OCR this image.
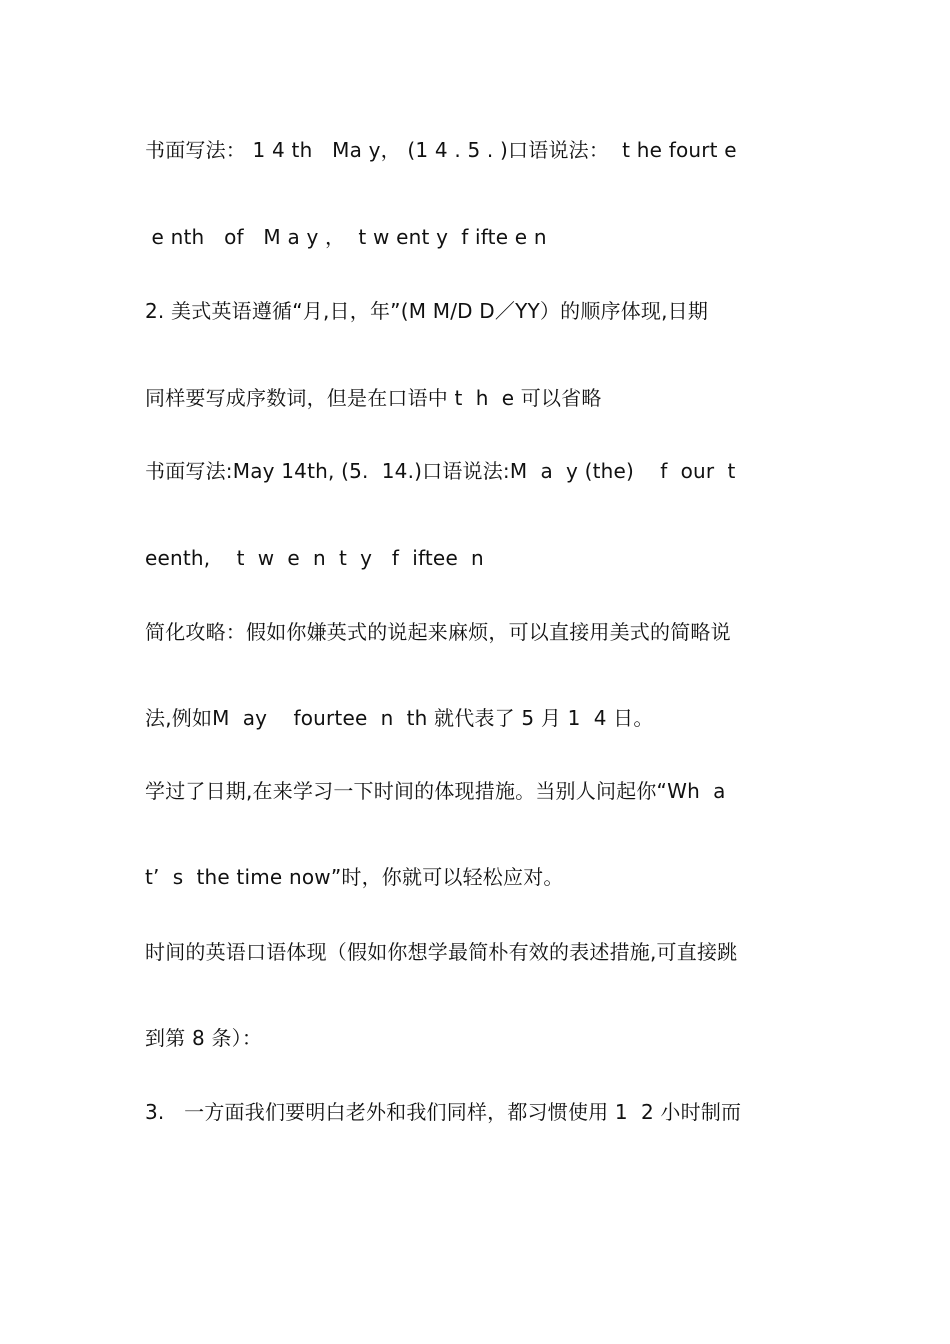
书面写法： 1 4 th   Ma y， (1 4 . 5 . )口语说法：  t he fourt e
e nth   of   M a y ，  t w ent y  f ifte e n
2. 美式英语遵循“月,日，年”(M M/D D／YY）的顺序体现,日期
同样要写成序数词，但是在口语中 t  h  e 可以省略
书面写法:May 14th, (5.  14.)口语说法:M  a  y (the)    f  our  t
eenth,    t  w  e  n  t  y   f  iftee  n
简化攻略：假如你嫌英式的说起来麻烦，可以直接用美式的简略说
法,例如M  ay    fourtee  n  th 就代表了 5 月 1  4 日。
学过了日期,在来学习一下时间的体现措施。当别人问起你“Wh  a
t’  s  the time now”时，你就可以轻松应对。
时间的英语口语体现（假如你想学最简朴有效的表述措施,可直接跳
到第 8 条）：
3.   一方面我们要明白老外和我们同样，都习惯使用 1  2 小时制而
